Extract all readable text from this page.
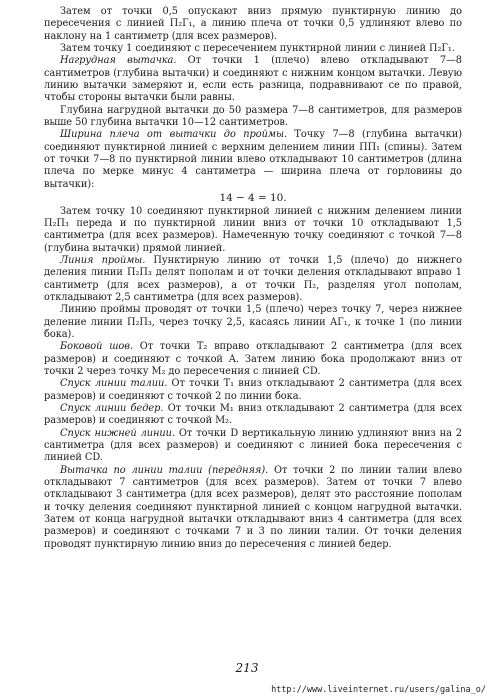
Затем от точки 0,5 опускают вниз прямую пунктирную линию до пересечения с линией П₂Г₁, а линию плеча от точки 0,5 удлиняют влево по наклону на 1 сантиметр (для всех размеров).

Затем точку 1 соединяют с пересечением пунктирной линии с линией П₂Г₁.

Нагрудная вытачка. От точки 1 (плечо) влево откладывают 7—8 сантиметров (глубина вытачки) и соединяют с нижним концом вытачки. Левую линию вытачки замеряют и, если есть разница, подравнивают се по правой, чтобы стороны вытачки были равны.

Глубина нагрудной вытачки до 50 размера 7—8 сантиметров, для размеров выше 50 глубина вытачки 10—12 сантиметров.

Ширина плеча от вытачки до проймы. Точку 7—8 (глубина вытачки) соединяют пунктирной линией с верхним делением линии ПП₁ (спины). Затем от точки 7—8 по пунктирной линии влево откладывают 10 сантиметров (длина плеча по мерке минус 4 сантиметра — ширина плеча от горловины до вытачки):

14 − 4 = 10.

Затем точку 10 соединяют пунктирной линией с нижним делением линии П₂П₃ переда и по пунктирной линии вниз от точки 10 откладывают 1,5 сантиметра (для всех размеров). Намеченную точку соединяют с точкой 7—8 (глубина вытачки) прямой линией.

Линия проймы. Пунктирную линию от точки 1,5 (плечо) до нижнего деления линии П₂П₃ делят пополам и от точки деления откладывают вправо 1 сантиметр (для всех размеров), а от точки П₂, разделяя угол пополам, откладывают 2,5 сантиметра (для всех размеров).

Линию проймы проводят от точки 1,5 (плечо) через точку 7, через нижнее деление линии П₂П₃, через точку 2,5, касаясь линии АГ₁, к точке 1 (по линии бока).

Боковой шов. От точки Т₂ вправо откладывают 2 сантиметра (для всех размеров) и соединяют с точкой А. Затем линию бока продолжают вниз от точки 2 через точку М₂ до пересечения с линией CD.

Спуск линии талии. От точки Т₁ вниз откладывают 2 сантиметра (для всех размеров) и соединяют с точкой 2 по линии бока.

Спуск линии бедер. От точки М₁ вниз откладывают 2 сантиметра (для всех размеров) и соединяют с точкой М₂.

Спуск нижней линии. От точки D вертикальную линию удлиняют вниз на 2 сантиметра (для всех размеров) и соединяют с линией бока пересечения с линией CD.

Вытачка по линии талии (передняя). От точки 2 по линии талии влево откладывают 7 сантиметров (для всех размеров). Затем от точки 7 влево откладывают 3 сантиметра (для всех размеров), делят это расстояние пополам и точку деления соединяют пунктирной линией с концом нагрудной вытачки. Затем от конца нагрудной вытачки откладывают вниз 4 сантиметра (для всех размеров) и соединяют с точками 7 и 3 по линии талии. От точки деления проводят пунктирную линию вниз до пересечения с линией бедер.

213
http://www.liveinternet.ru/users/galina_o/
